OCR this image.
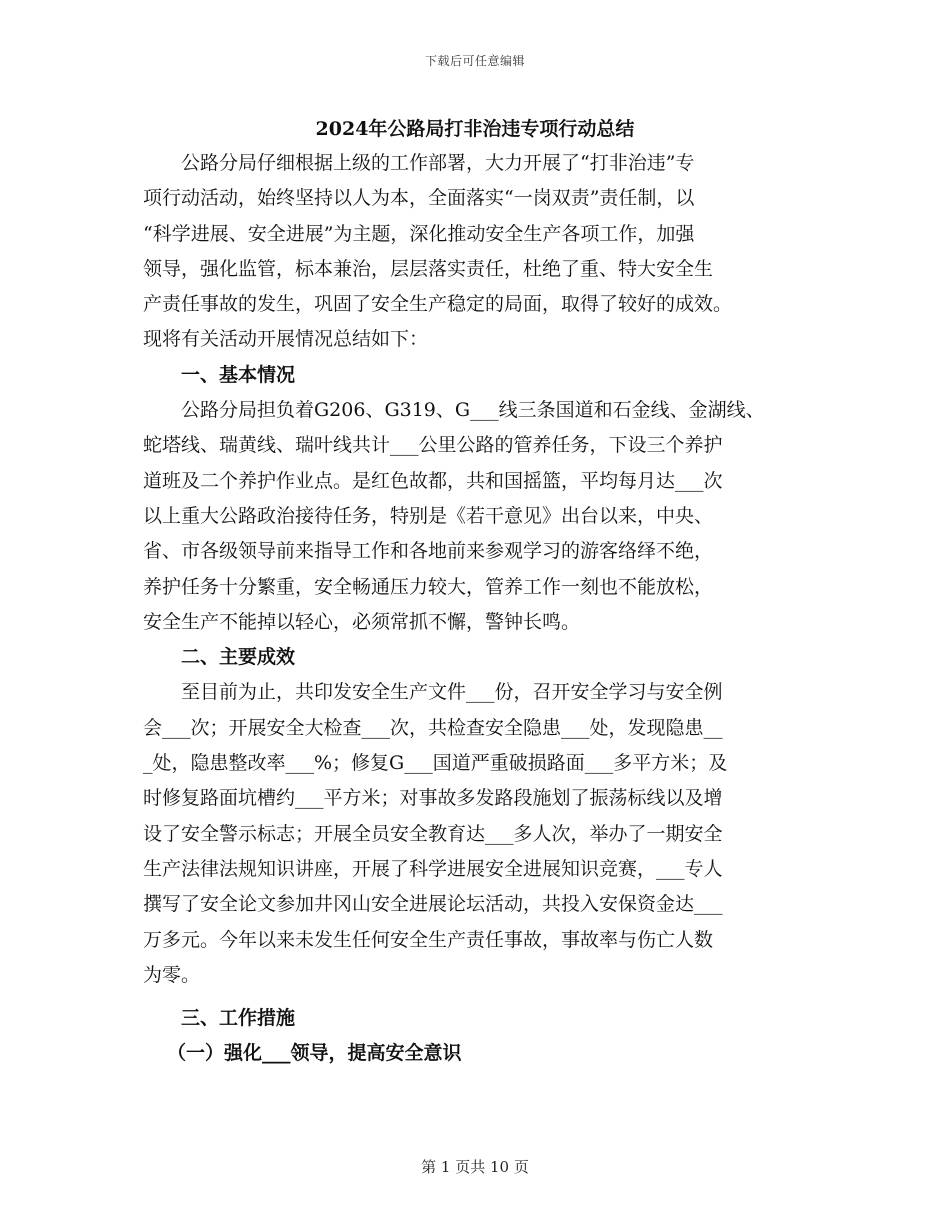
下载后可任意编辑
2024年公路局打非治违专项行动总结
公路分局仔细根据上级的工作部署，大力开展了“打非治违”专
项行动活动，始终坚持以人为本，全面落实“一岗双责”责任制，以
“科学进展、安全进展”为主题，深化推动安全生产各项工作，加强
领导，强化监管，标本兼治，层层落实责任，杜绝了重、特大安全生
产责任事故的发生，巩固了安全生产稳定的局面，取得了较好的成效。
现将有关活动开展情况总结如下：
一、基本情况
公路分局担负着G206、G319、G___线三条国道和石金线、金湖线、
蛇塔线、瑞黄线、瑞叶线共计___公里公路的管养任务，下设三个养护
道班及二个养护作业点。是红色故都，共和国摇篮，平均每月达___次
以上重大公路政治接待任务，特别是《若干意见》出台以来，中央、
省、市各级领导前来指导工作和各地前来参观学习的游客络绎不绝，
养护任务十分繁重，安全畅通压力较大，管养工作一刻也不能放松，
安全生产不能掉以轻心，必须常抓不懈，警钟长鸣。
二、主要成效
至目前为止，共印发安全生产文件___份，召开安全学习与安全例
会___次；开展安全大检查___次，共检查安全隐患___处，发现隐患__
_处，隐患整改率___%；修复G___国道严重破损路面___多平方米；及
时修复路面坑槽约___平方米；对事故多发路段施划了振荡标线以及增
设了安全警示标志；开展全员安全教育达___多人次，举办了一期安全
生产法律法规知识讲座，开展了科学进展安全进展知识竞赛，___专人
撰写了安全论文参加井冈山安全进展论坛活动，共投入安保资金达___
万多元。今年以来未发生任何安全生产责任事故，事故率与伤亡人数
为零。
三、工作措施
（一）强化___领导，提高安全意识
第 1 页共 10 页
